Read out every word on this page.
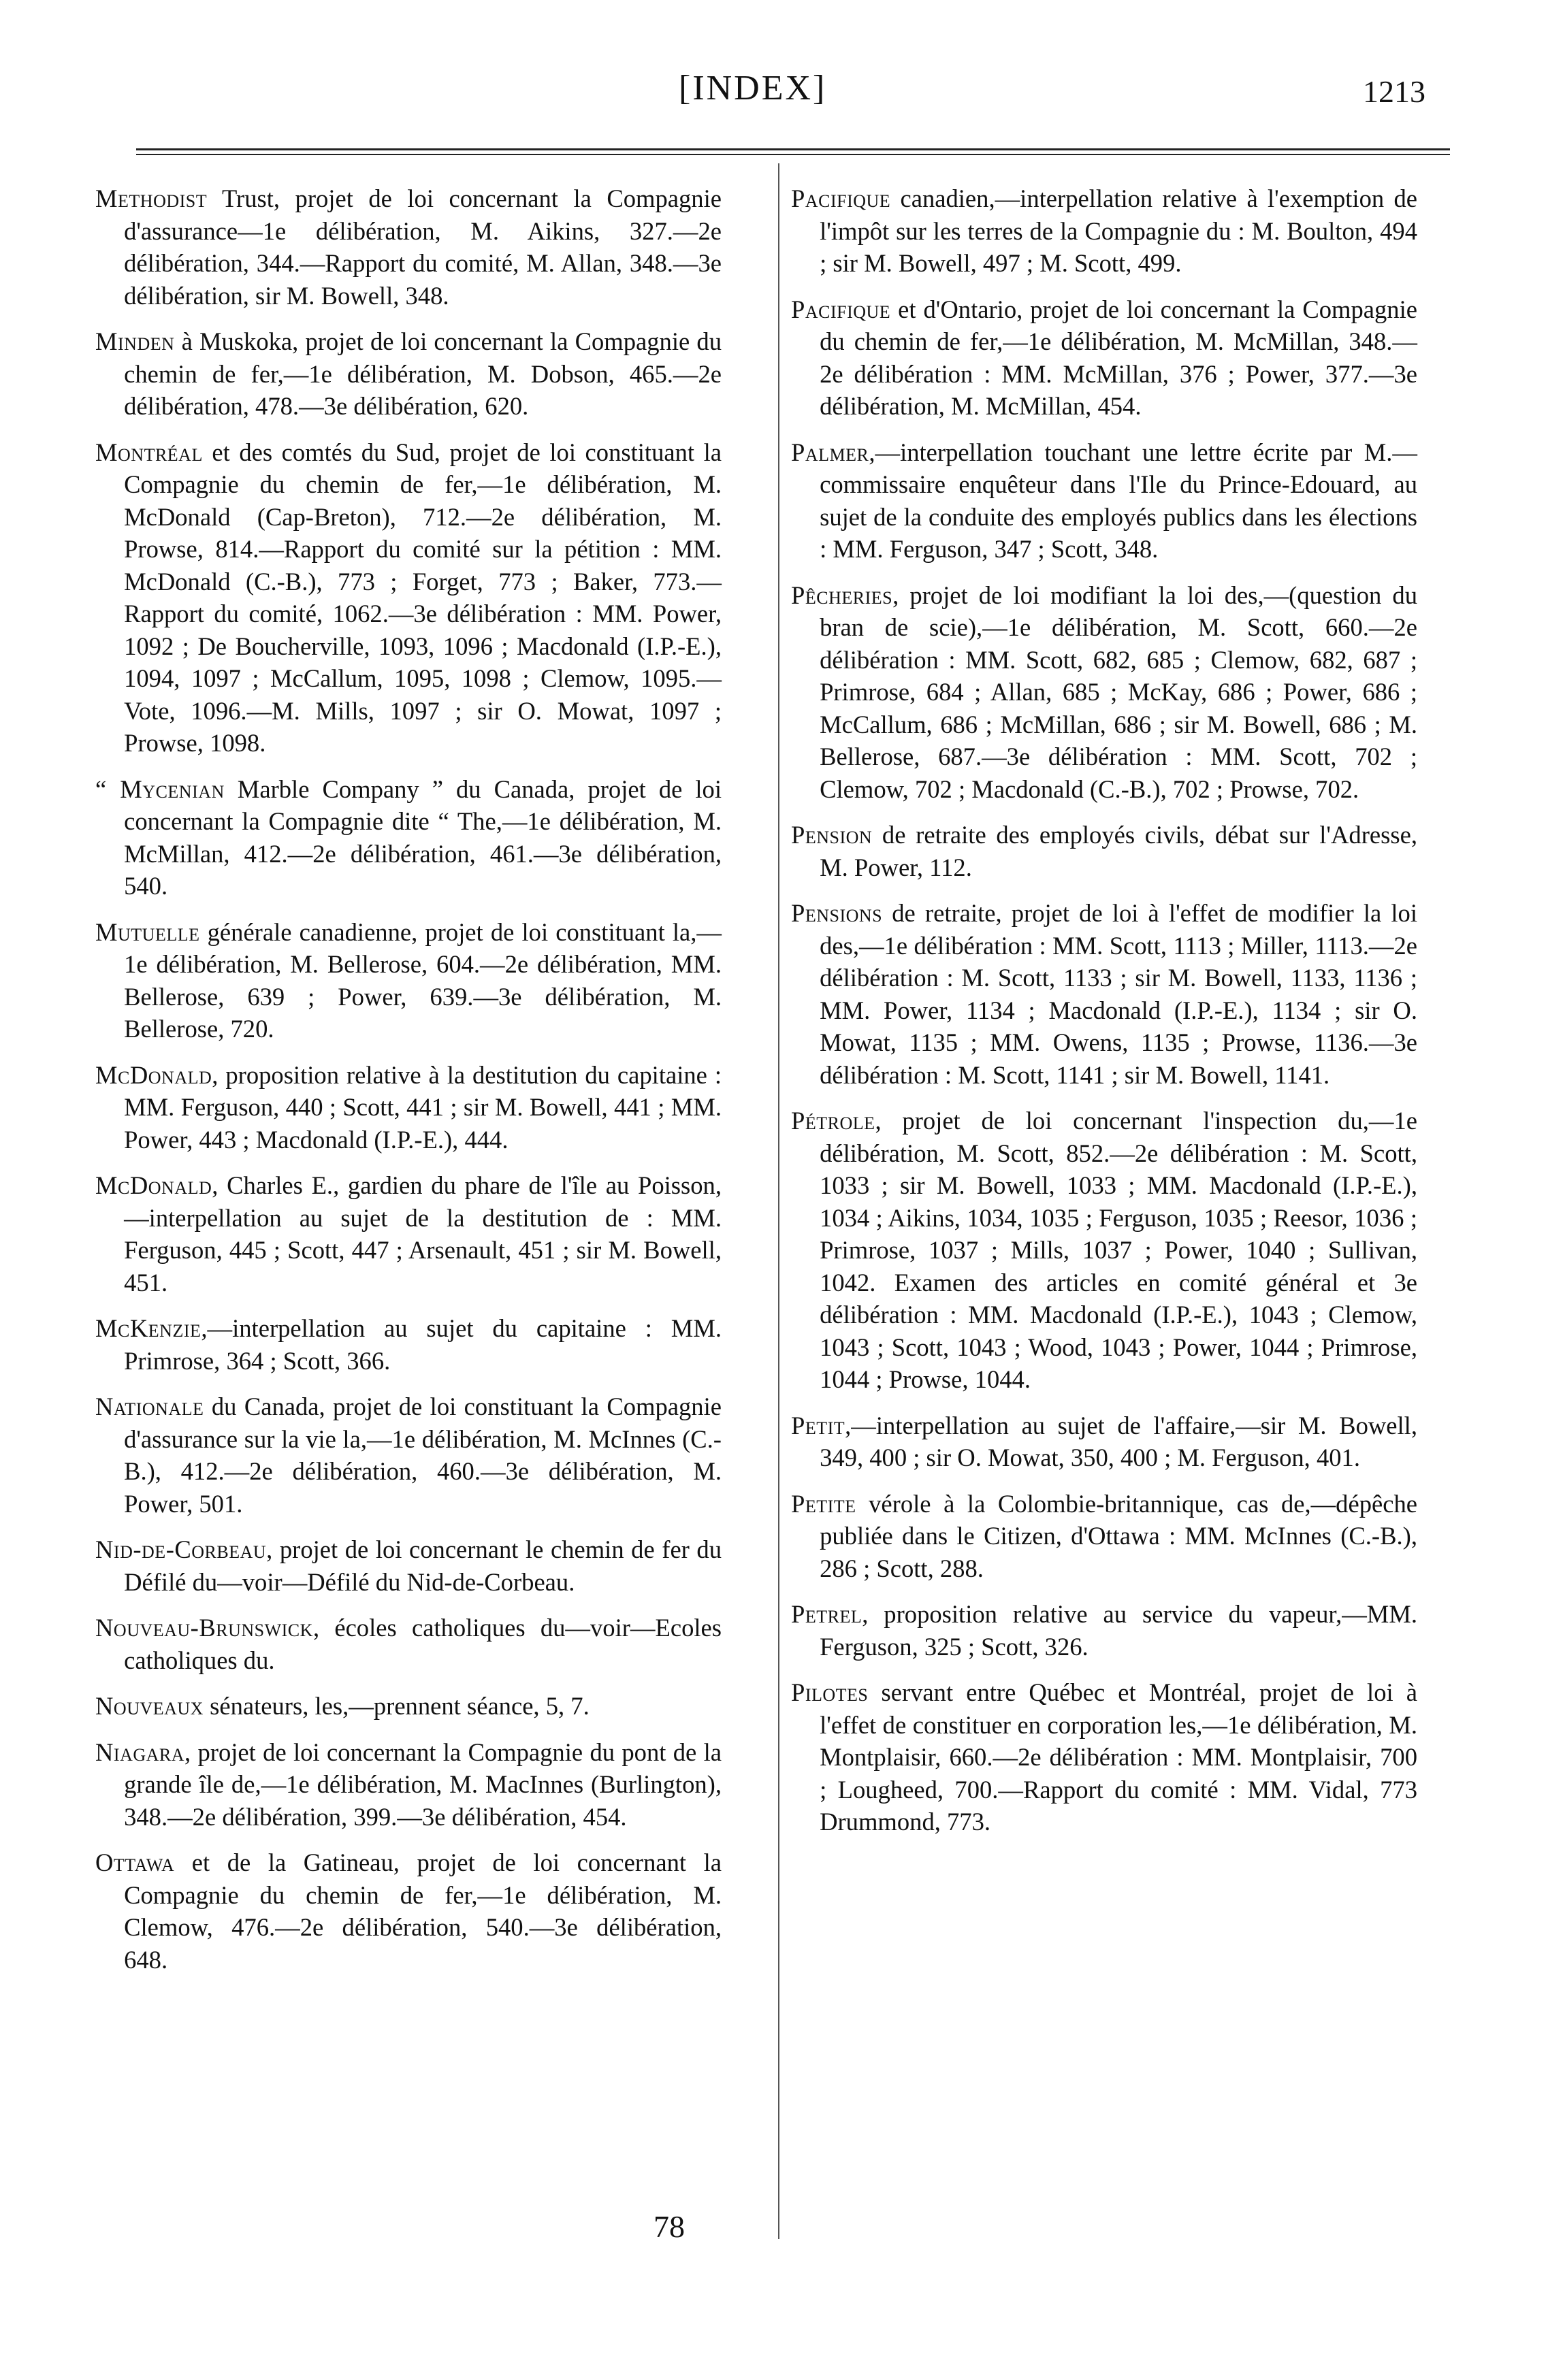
[INDEX]	1213

Methodist Trust, projet de loi concernant la Compagnie d'assurance—1e délibération, M. Aikins, 327.—2e délibération, 344.—Rapport du comité, M. Allan, 348.—3e délibération, sir M. Bowell, 348.

Minden à Muskoka, projet de loi concernant la Compagnie du chemin de fer,—1e délibération, M. Dobson, 465.—2e délibération, 478.—3e délibération, 620.

Montréal et des comtés du Sud, projet de loi constituant la Compagnie du chemin de fer,—1e délibération, M. McDonald (Cap-Breton), 712.—2e délibération, M. Prowse, 814.—Rapport du comité sur la pétition : MM. McDonald (C.-B.), 773 ; Forget, 773 ; Baker, 773.—Rapport du comité, 1062.—3e délibération : MM. Power, 1092 ; De Boucherville, 1093, 1096 ; Macdonald (I.P.-E.), 1094, 1097 ; McCallum, 1095, 1098 ; Clemow, 1095.—Vote, 1096.—M. Mills, 1097 ; sir O. Mowat, 1097 ; Prowse, 1098.

“ Mycenian Marble Company ” du Canada, projet de loi concernant la Compagnie dite “ The,—1e délibération, M. McMillan, 412.—2e délibération, 461.—3e délibération, 540.

Mutuelle générale canadienne, projet de loi constituant la,—1e délibération, M. Bellerose, 604.—2e délibération, MM. Bellerose, 639 ; Power, 639.—3e délibération, M. Bellerose, 720.

McDonald, proposition relative à la destitution du capitaine : MM. Ferguson, 440 ; Scott, 441 ; sir M. Bowell, 441 ; MM. Power, 443 ; Macdonald (I.P.-E.), 444.

McDonald, Charles E., gardien du phare de l'île au Poisson,—interpellation au sujet de la destitution de : MM. Ferguson, 445 ; Scott, 447 ; Arsenault, 451 ; sir M. Bowell, 451.

McKenzie,—interpellation au sujet du capitaine : MM. Primrose, 364 ; Scott, 366.

Nationale du Canada, projet de loi constituant la Compagnie d'assurance sur la vie la,—1e délibération, M. McInnes (C.-B.), 412.—2e délibération, 460.—3e délibération, M. Power, 501.

Nid-de-Corbeau, projet de loi concernant le chemin de fer du Défilé du—voir—Défilé du Nid-de-Corbeau.

Nouveau-Brunswick, écoles catholiques du—voir—Ecoles catholiques du.

Nouveaux sénateurs, les,—prennent séance, 5, 7.

Niagara, projet de loi concernant la Compagnie du pont de la grande île de,—1e délibération, M. MacInnes (Burlington), 348.—2e délibération, 399.—3e délibération, 454.

Ottawa et de la Gatineau, projet de loi concernant la Compagnie du chemin de fer,—1e délibération, M. Clemow, 476.—2e délibération, 540.—3e délibération, 648.

Pacifique canadien,—interpellation relative à l'exemption de l'impôt sur les terres de la Compagnie du : M. Boulton, 494 ; sir M. Bowell, 497 ; M. Scott, 499.

Pacifique et d'Ontario, projet de loi concernant la Compagnie du chemin de fer,—1e délibération, M. McMillan, 348.—2e délibération : MM. McMillan, 376 ; Power, 377.—3e délibération, M. McMillan, 454.

Palmer,—interpellation touchant une lettre écrite par M.—commissaire enquêteur dans l'Ile du Prince-Edouard, au sujet de la conduite des employés publics dans les élections : MM. Ferguson, 347 ; Scott, 348.

Pêcheries, projet de loi modifiant la loi des,—(question du bran de scie),—1e délibération, M. Scott, 660.—2e délibération : MM. Scott, 682, 685 ; Clemow, 682, 687 ; Primrose, 684 ; Allan, 685 ; McKay, 686 ; Power, 686 ; McCallum, 686 ; McMillan, 686 ; sir M. Bowell, 686 ; M. Bellerose, 687.—3e délibération : MM. Scott, 702 ; Clemow, 702 ; Macdonald (C.-B.), 702 ; Prowse, 702.

Pension de retraite des employés civils, débat sur l'Adresse, M. Power, 112.

Pensions de retraite, projet de loi à l'effet de modifier la loi des,—1e délibération : MM. Scott, 1113 ; Miller, 1113.—2e délibération : M. Scott, 1133 ; sir M. Bowell, 1133, 1136 ; MM. Power, 1134 ; Macdonald (I.P.-E.), 1134 ; sir O. Mowat, 1135 ; MM. Owens, 1135 ; Prowse, 1136.—3e délibération : M. Scott, 1141 ; sir M. Bowell, 1141.

Pétrole, projet de loi concernant l'inspection du,—1e délibération, M. Scott, 852.—2e délibération : M. Scott, 1033 ; sir M. Bowell, 1033 ; MM. Macdonald (I.P.-E.), 1034 ; Aikins, 1034, 1035 ; Ferguson, 1035 ; Reesor, 1036 ; Primrose, 1037 ; Mills, 1037 ; Power, 1040 ; Sullivan, 1042. Examen des articles en comité général et 3e délibération : MM. Macdonald (I.P.-E.), 1043 ; Clemow, 1043 ; Scott, 1043 ; Wood, 1043 ; Power, 1044 ; Primrose, 1044 ; Prowse, 1044.

Petit,—interpellation au sujet de l'affaire,—sir M. Bowell, 349, 400 ; sir O. Mowat, 350, 400 ; M. Ferguson, 401.

Petite vérole à la Colombie-britannique, cas de,—dépêche publiée dans le Citizen, d'Ottawa : MM. McInnes (C.-B.), 286 ; Scott, 288.

Petrel, proposition relative au service du vapeur,—MM. Ferguson, 325 ; Scott, 326.

Pilotes servant entre Québec et Montréal, projet de loi à l'effet de constituer en corporation les,—1e délibération, M. Montplaisir, 660.—2e délibération : MM. Montplaisir, 700 ; Lougheed, 700.—Rapport du comité : MM. Vidal, 773 Drummond, 773.

78
